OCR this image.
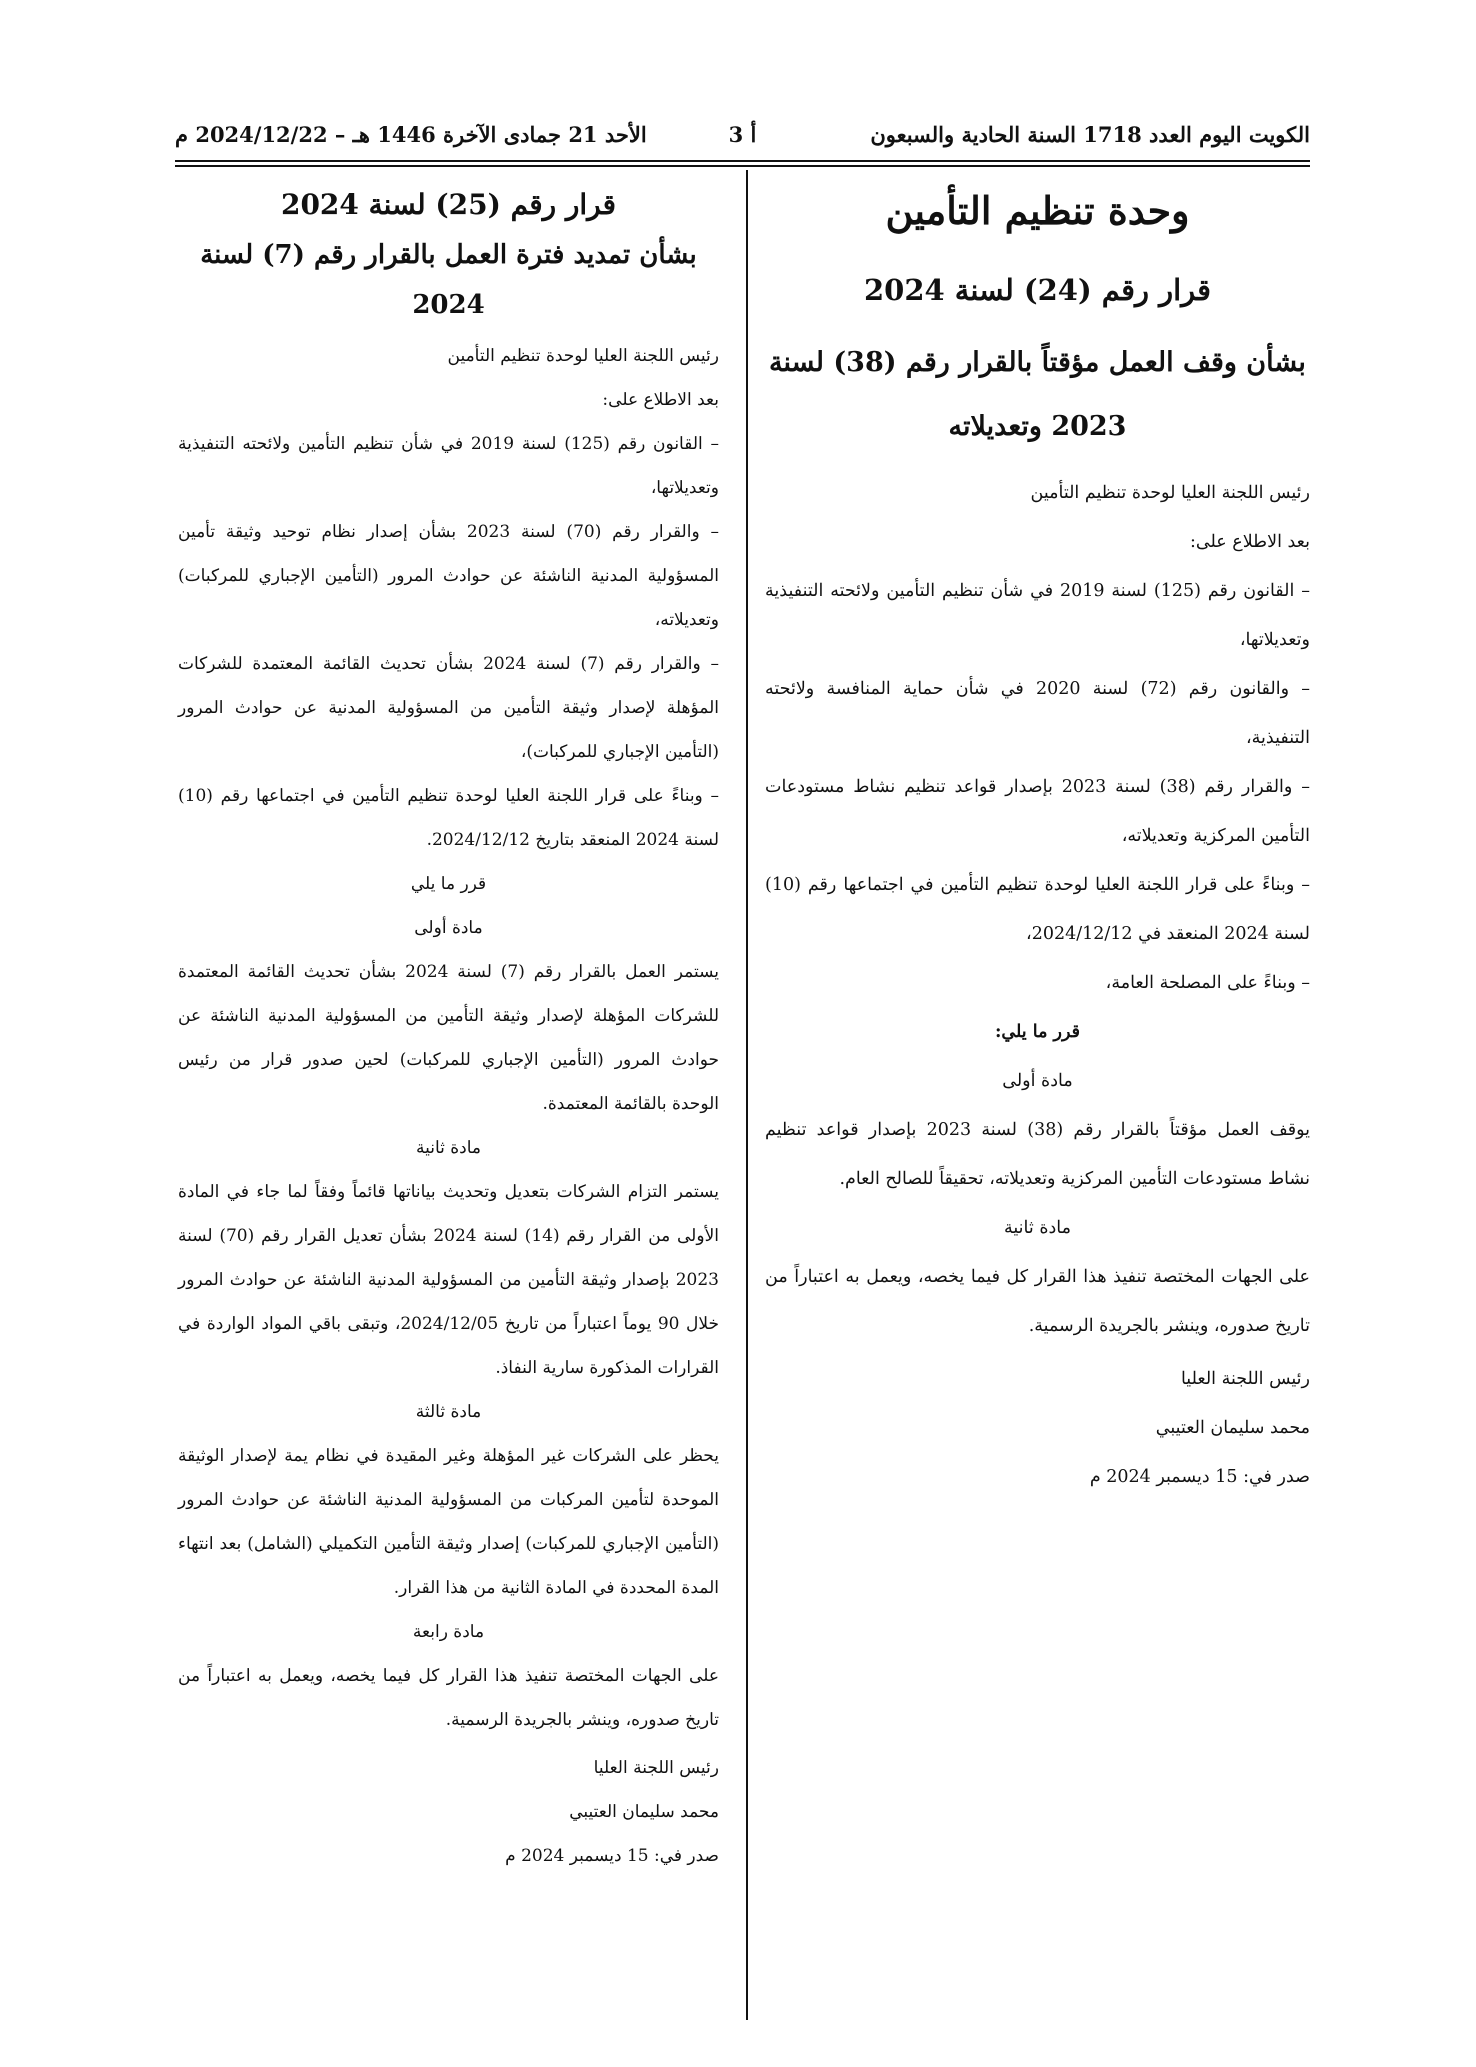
الكويت اليوم العدد 1718 السنة الحادية والسبعون
أ 3
الأحد 21 جمادى الآخرة 1446 هـ – 2024/12/22 م

وحدة تنظيم التأمين

قرار رقم (24) لسنة 2024

بشأن وقف العمل مؤقتاً بالقرار رقم (38) لسنة 2023 وتعديلاته

رئيس اللجنة العليا لوحدة تنظيم التأمين

بعد الاطلاع على:

– القانون رقم (125) لسنة 2019 في شأن تنظيم التأمين ولائحته التنفيذية وتعديلاتها،

– والقانون رقم (72) لسنة 2020 في شأن حماية المنافسة ولائحته التنفيذية،

– والقرار رقم (38) لسنة 2023 بإصدار قواعد تنظيم نشاط مستودعات التأمين المركزية وتعديلاته،

– وبناءً على قرار اللجنة العليا لوحدة تنظيم التأمين في اجتماعها رقم (10) لسنة 2024 المنعقد في 2024/12/12،

– وبناءً على المصلحة العامة،

قرر ما يلي:

مادة أولى

يوقف العمل مؤقتاً بالقرار رقم (38) لسنة 2023 بإصدار قواعد تنظيم نشاط مستودعات التأمين المركزية وتعديلاته، تحقيقاً للصالح العام.

مادة ثانية

على الجهات المختصة تنفيذ هذا القرار كل فيما يخصه، ويعمل به اعتباراً من تاريخ صدوره، وينشر بالجريدة الرسمية.

رئيس اللجنة العليا

محمد سليمان العتيبي

صدر في: 15 ديسمبر 2024 م

قرار رقم (25) لسنة 2024

بشأن تمديد فترة العمل بالقرار رقم (7) لسنة 2024

رئيس اللجنة العليا لوحدة تنظيم التأمين

بعد الاطلاع على:

– القانون رقم (125) لسنة 2019 في شأن تنظيم التأمين ولائحته التنفيذية وتعديلاتها،

– والقرار رقم (70) لسنة 2023 بشأن إصدار نظام توحيد وثيقة تأمين المسؤولية المدنية الناشئة عن حوادث المرور (التأمين الإجباري للمركبات) وتعديلاته،

– والقرار رقم (7) لسنة 2024 بشأن تحديث القائمة المعتمدة للشركات المؤهلة لإصدار وثيقة التأمين من المسؤولية المدنية عن حوادث المرور (التأمين الإجباري للمركبات)،

– وبناءً على قرار اللجنة العليا لوحدة تنظيم التأمين في اجتماعها رقم (10) لسنة 2024 المنعقد بتاريخ 2024/12/12.

قرر ما يلي

مادة أولى

يستمر العمل بالقرار رقم (7) لسنة 2024 بشأن تحديث القائمة المعتمدة للشركات المؤهلة لإصدار وثيقة التأمين من المسؤولية المدنية الناشئة عن حوادث المرور (التأمين الإجباري للمركبات) لحين صدور قرار من رئيس الوحدة بالقائمة المعتمدة.

مادة ثانية

يستمر التزام الشركات بتعديل وتحديث بياناتها قائماً وفقاً لما جاء في المادة الأولى من القرار رقم (14) لسنة 2024 بشأن تعديل القرار رقم (70) لسنة 2023 بإصدار وثيقة التأمين من المسؤولية المدنية الناشئة عن حوادث المرور خلال 90 يوماً اعتباراً من تاريخ 2024/12/05، وتبقى باقي المواد الواردة في القرارات المذكورة سارية النفاذ.

مادة ثالثة

يحظر على الشركات غير المؤهلة وغير المقيدة في نظام يمة لإصدار الوثيقة الموحدة لتأمين المركبات من المسؤولية المدنية الناشئة عن حوادث المرور (التأمين الإجباري للمركبات) إصدار وثيقة التأمين التكميلي (الشامل) بعد انتهاء المدة المحددة في المادة الثانية من هذا القرار.

مادة رابعة

على الجهات المختصة تنفيذ هذا القرار كل فيما يخصه، ويعمل به اعتباراً من تاريخ صدوره، وينشر بالجريدة الرسمية.

رئيس اللجنة العليا

محمد سليمان العتيبي

صدر في: 15 ديسمبر 2024 م
